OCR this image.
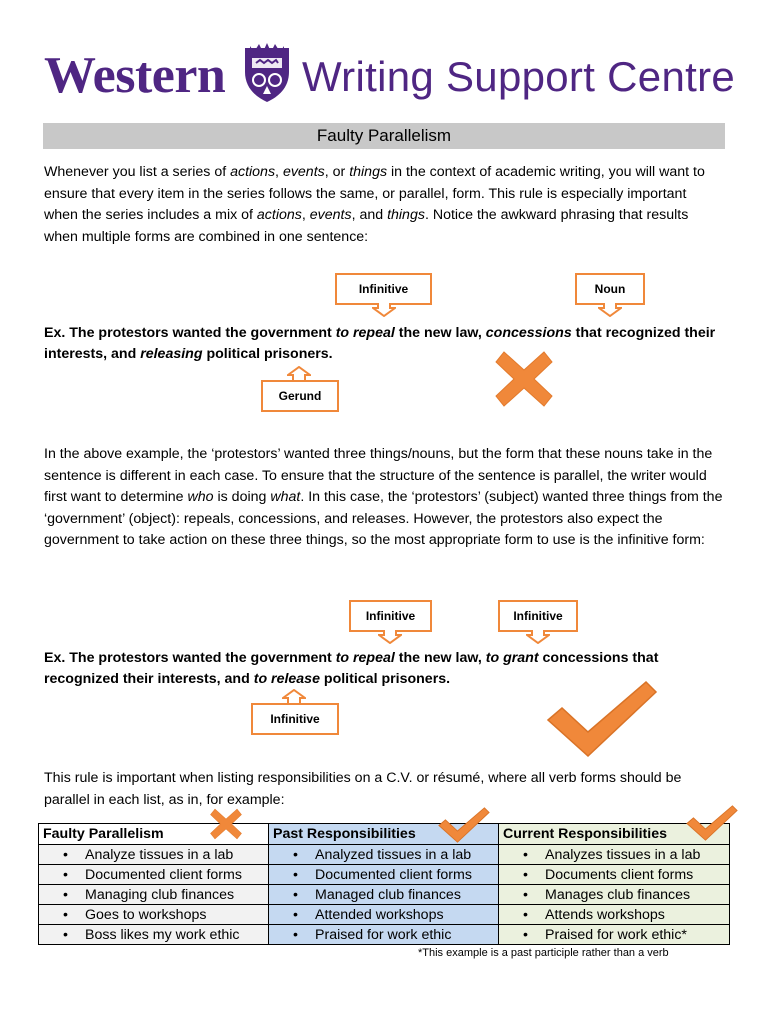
Western Writing Support Centre
Faulty Parallelism
Whenever you list a series of actions, events, or things in the context of academic writing, you will want to ensure that every item in the series follows the same, or parallel, form. This rule is especially important when the series includes a mix of actions, events, and things. Notice the awkward phrasing that results when multiple forms are combined in one sentence:
Infinitive	Noun
Ex. The protestors wanted the government to repeal the new law, concessions that recognized their interests, and releasing political prisoners.
Gerund
In the above example, the ‘protestors’ wanted three things/nouns, but the form that these nouns take in the sentence is different in each case. To ensure that the structure of the sentence is parallel, the writer would first want to determine who is doing what. In this case, the ‘protestors’ (subject) wanted three things from the ‘government’ (object): repeals, concessions, and releases. However, the protestors also expect the government to take action on these three things, so the most appropriate form to use is the infinitive form:
Infinitive	Infinitive
Ex. The protestors wanted the government to repeal the new law, to grant concessions that recognized their interests, and to release political prisoners.
Infinitive
This rule is important when listing responsibilities on a C.V. or résumé, where all verb forms should be parallel in each list, as in, for example:
Faulty Parallelism	Past Responsibilities	Current Responsibilities
• Analyze tissues in a lab	• Analyzed tissues in a lab	• Analyzes tissues in a lab
• Documented client forms	• Documented client forms	• Documents client forms
• Managing club finances	• Managed club finances	• Manages club finances
• Goes to workshops	• Attended workshops	• Attends workshops
• Boss likes my work ethic	• Praised for work ethic	• Praised for work ethic*
*This example is a past participle rather than a verb
